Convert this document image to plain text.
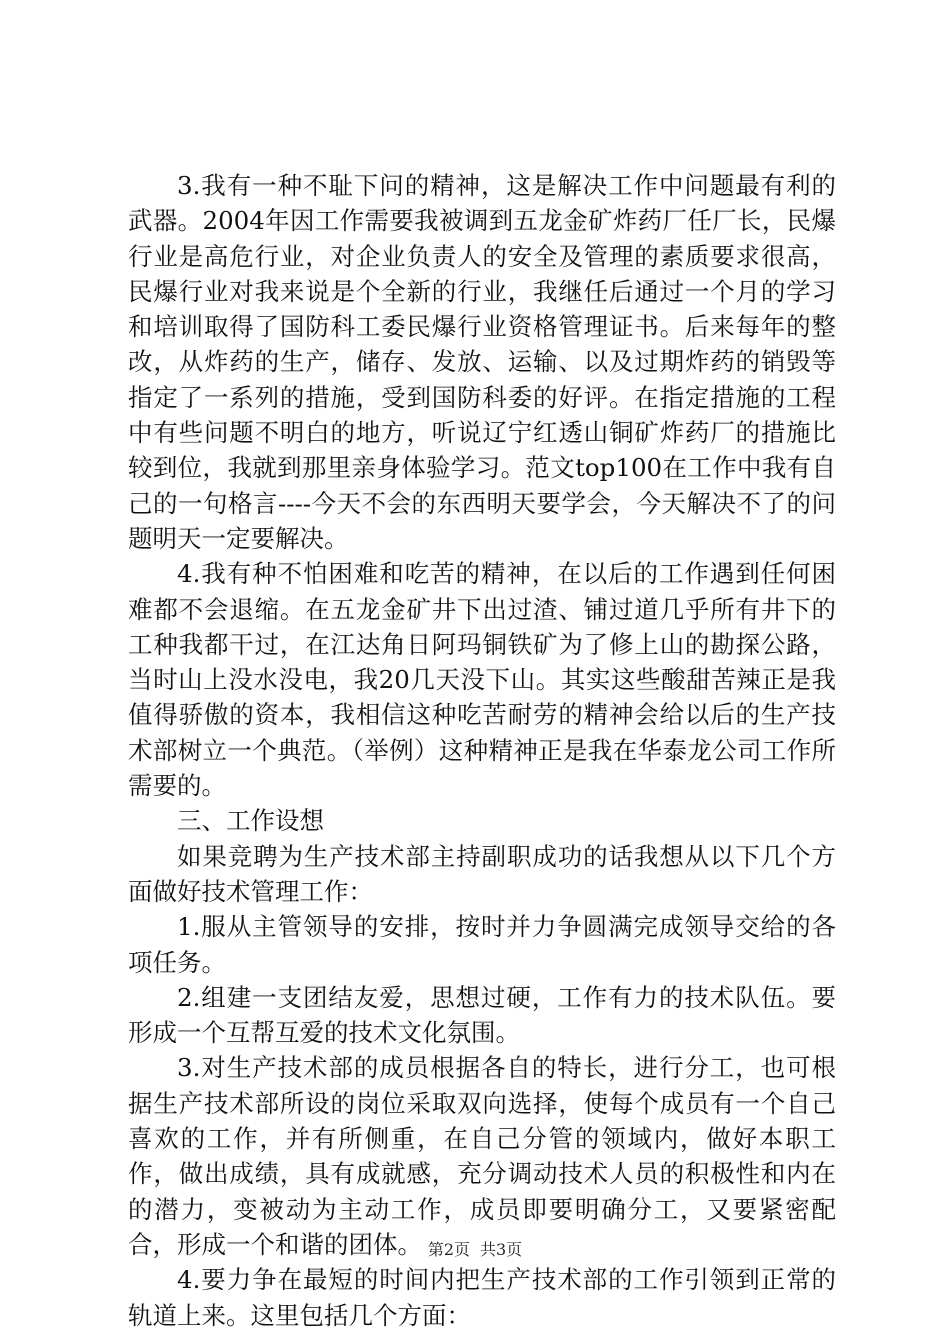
3.我有一种不耻下问的精神，这是解决工作中问题最有利的武器。2004年因工作需要我被调到五龙金矿炸药厂任厂长，民爆行业是高危行业，对企业负责人的安全及管理的素质要求很高，民爆行业对我来说是个全新的行业，我继任后通过一个月的学习和培训取得了国防科工委民爆行业资格管理证书。后来每年的整改，从炸药的生产，储存、发放、运输、以及过期炸药的销毁等指定了一系列的措施，受到国防科委的好评。在指定措施的工程中有些问题不明白的地方，听说辽宁红透山铜矿炸药厂的措施比较到位，我就到那里亲身体验学习。范文top100在工作中我有自己的一句格言----今天不会的东西明天要学会，今天解决不了的问题明天一定要解决。

4.我有种不怕困难和吃苦的精神，在以后的工作遇到任何困难都不会退缩。在五龙金矿井下出过渣、铺过道几乎所有井下的工种我都干过，在江达角日阿玛铜铁矿为了修上山的勘探公路，当时山上没水没电，我20几天没下山。其实这些酸甜苦辣正是我值得骄傲的资本，我相信这种吃苦耐劳的精神会给以后的生产技术部树立一个典范。（举例）这种精神正是我在华泰龙公司工作所需要的。

三、工作设想

如果竞聘为生产技术部主持副职成功的话我想从以下几个方面做好技术管理工作：

1.服从主管领导的安排，按时并力争圆满完成领导交给的各项任务。

2.组建一支团结友爱，思想过硬，工作有力的技术队伍。要形成一个互帮互爱的技术文化氛围。

3.对生产技术部的成员根据各自的特长，进行分工，也可根据生产技术部所设的岗位采取双向选择，使每个成员有一个自己喜欢的工作，并有所侧重，在自己分管的领域内，做好本职工作，做出成绩，具有成就感，充分调动技术人员的积极性和内在的潜力，变被动为主动工作，成员即要明确分工，又要紧密配合，形成一个和谐的团体。

4.要力争在最短的时间内把生产技术部的工作引领到正常的轨道上来。这里包括几个方面：

第2页 共3页
